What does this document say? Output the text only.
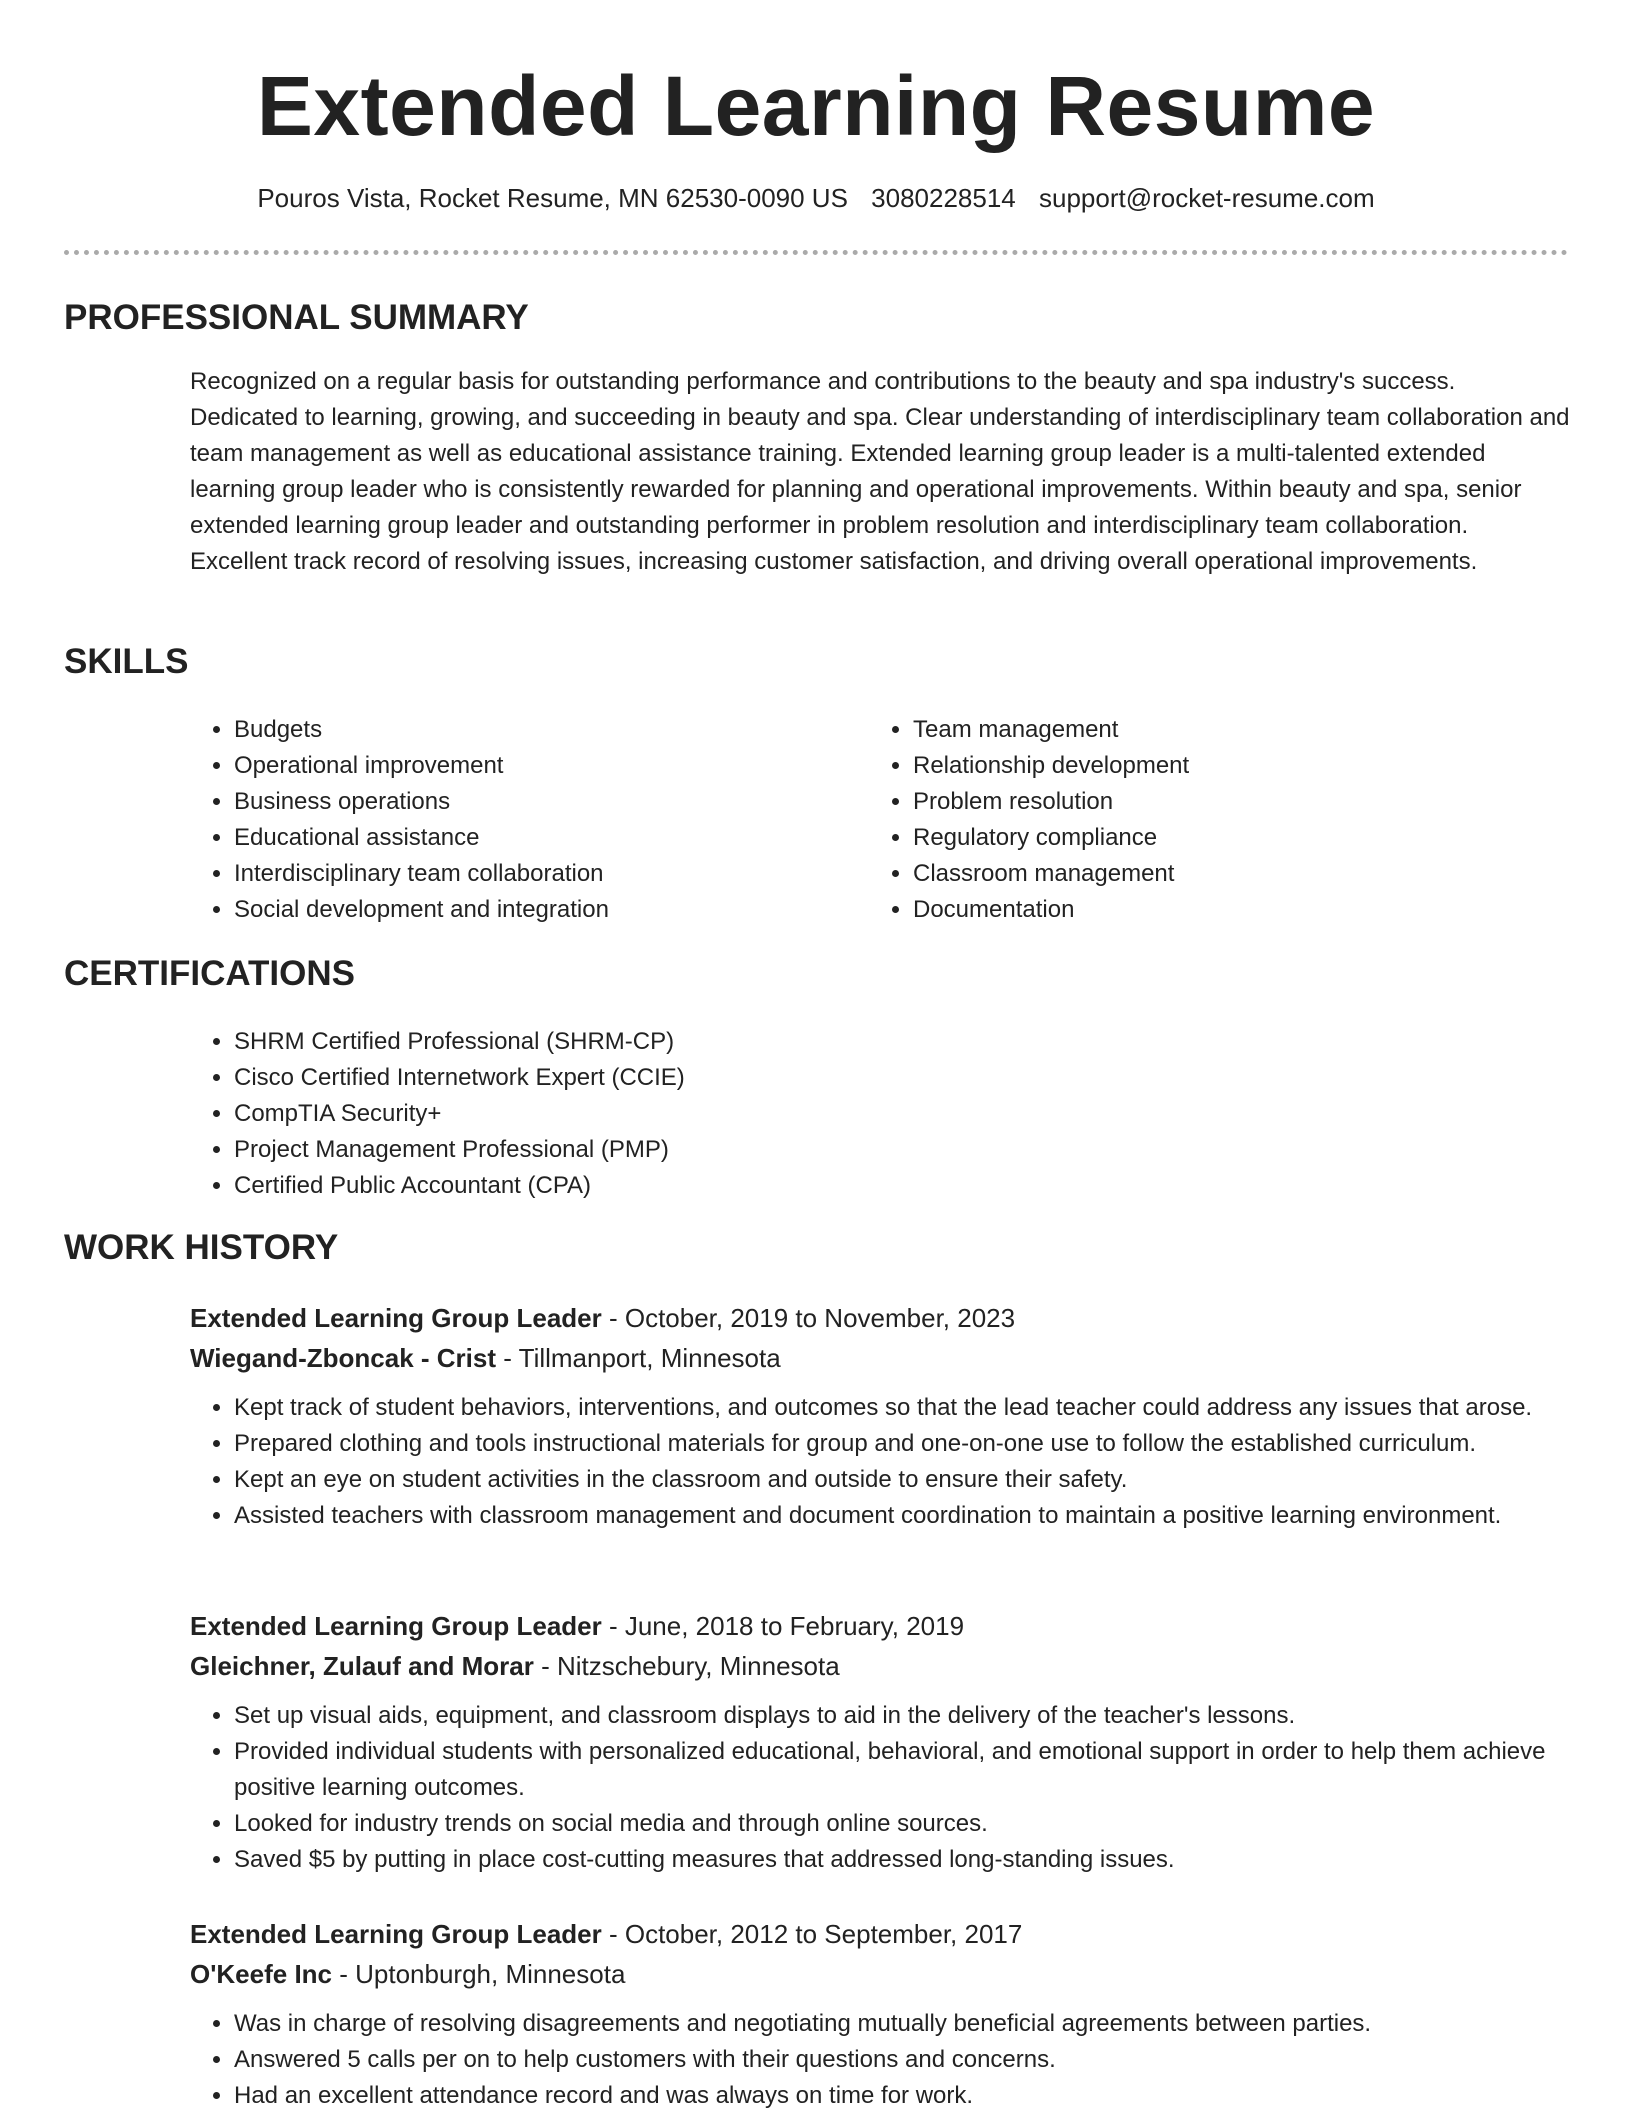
Extended Learning Resume
Pouros Vista, Rocket Resume, MN 62530-0090 US 3080228514 support@rocket-resume.com
PROFESSIONAL SUMMARY

Recognized on a regular basis for outstanding performance and contributions to the beauty and spa industry's success. Dedicated to learning, growing, and succeeding in beauty and spa. Clear understanding of interdisciplinary team collaboration and team management as well as educational assistance training. Extended learning group leader is a multi-talented extended learning group leader who is consistently rewarded for planning and operational improvements. Within beauty and spa, senior extended learning group leader and outstanding performer in problem resolution and interdisciplinary team collaboration. Excellent track record of resolving issues, increasing customer satisfaction, and driving overall operational improvements.

SKILLS
• Budgets
• Operational improvement
• Business operations
• Educational assistance
• Interdisciplinary team collaboration
• Social development and integration
• Team management
• Relationship development
• Problem resolution
• Regulatory compliance
• Classroom management
• Documentation
CERTIFICATIONS
• SHRM Certified Professional (SHRM-CP)
• Cisco Certified Internetwork Expert (CCIE)
• CompTIA Security+
• Project Management Professional (PMP)
• Certified Public Accountant (CPA)
WORK HISTORY
Extended Learning Group Leader - October, 2019 to November, 2023
Wiegand-Zboncak - Crist - Tillmanport, Minnesota
• Kept track of student behaviors, interventions, and outcomes so that the lead teacher could address any issues that arose.
• Prepared clothing and tools instructional materials for group and one-on-one use to follow the established curriculum.
• Kept an eye on student activities in the classroom and outside to ensure their safety.
• Assisted teachers with classroom management and document coordination to maintain a positive learning environment.
Extended Learning Group Leader - June, 2018 to February, 2019
Gleichner, Zulauf and Morar - Nitzschebury, Minnesota
• Set up visual aids, equipment, and classroom displays to aid in the delivery of the teacher's lessons.
• Provided individual students with personalized educational, behavioral, and emotional support in order to help them achieve positive learning outcomes.
• Looked for industry trends on social media and through online sources.
• Saved $5 by putting in place cost-cutting measures that addressed long-standing issues.
Extended Learning Group Leader - October, 2012 to September, 2017
O'Keefe Inc - Uptonburgh, Minnesota
• Was in charge of resolving disagreements and negotiating mutually beneficial agreements between parties.
• Answered 5 calls per on to help customers with their questions and concerns.
• Had an excellent attendance record and was always on time for work.
